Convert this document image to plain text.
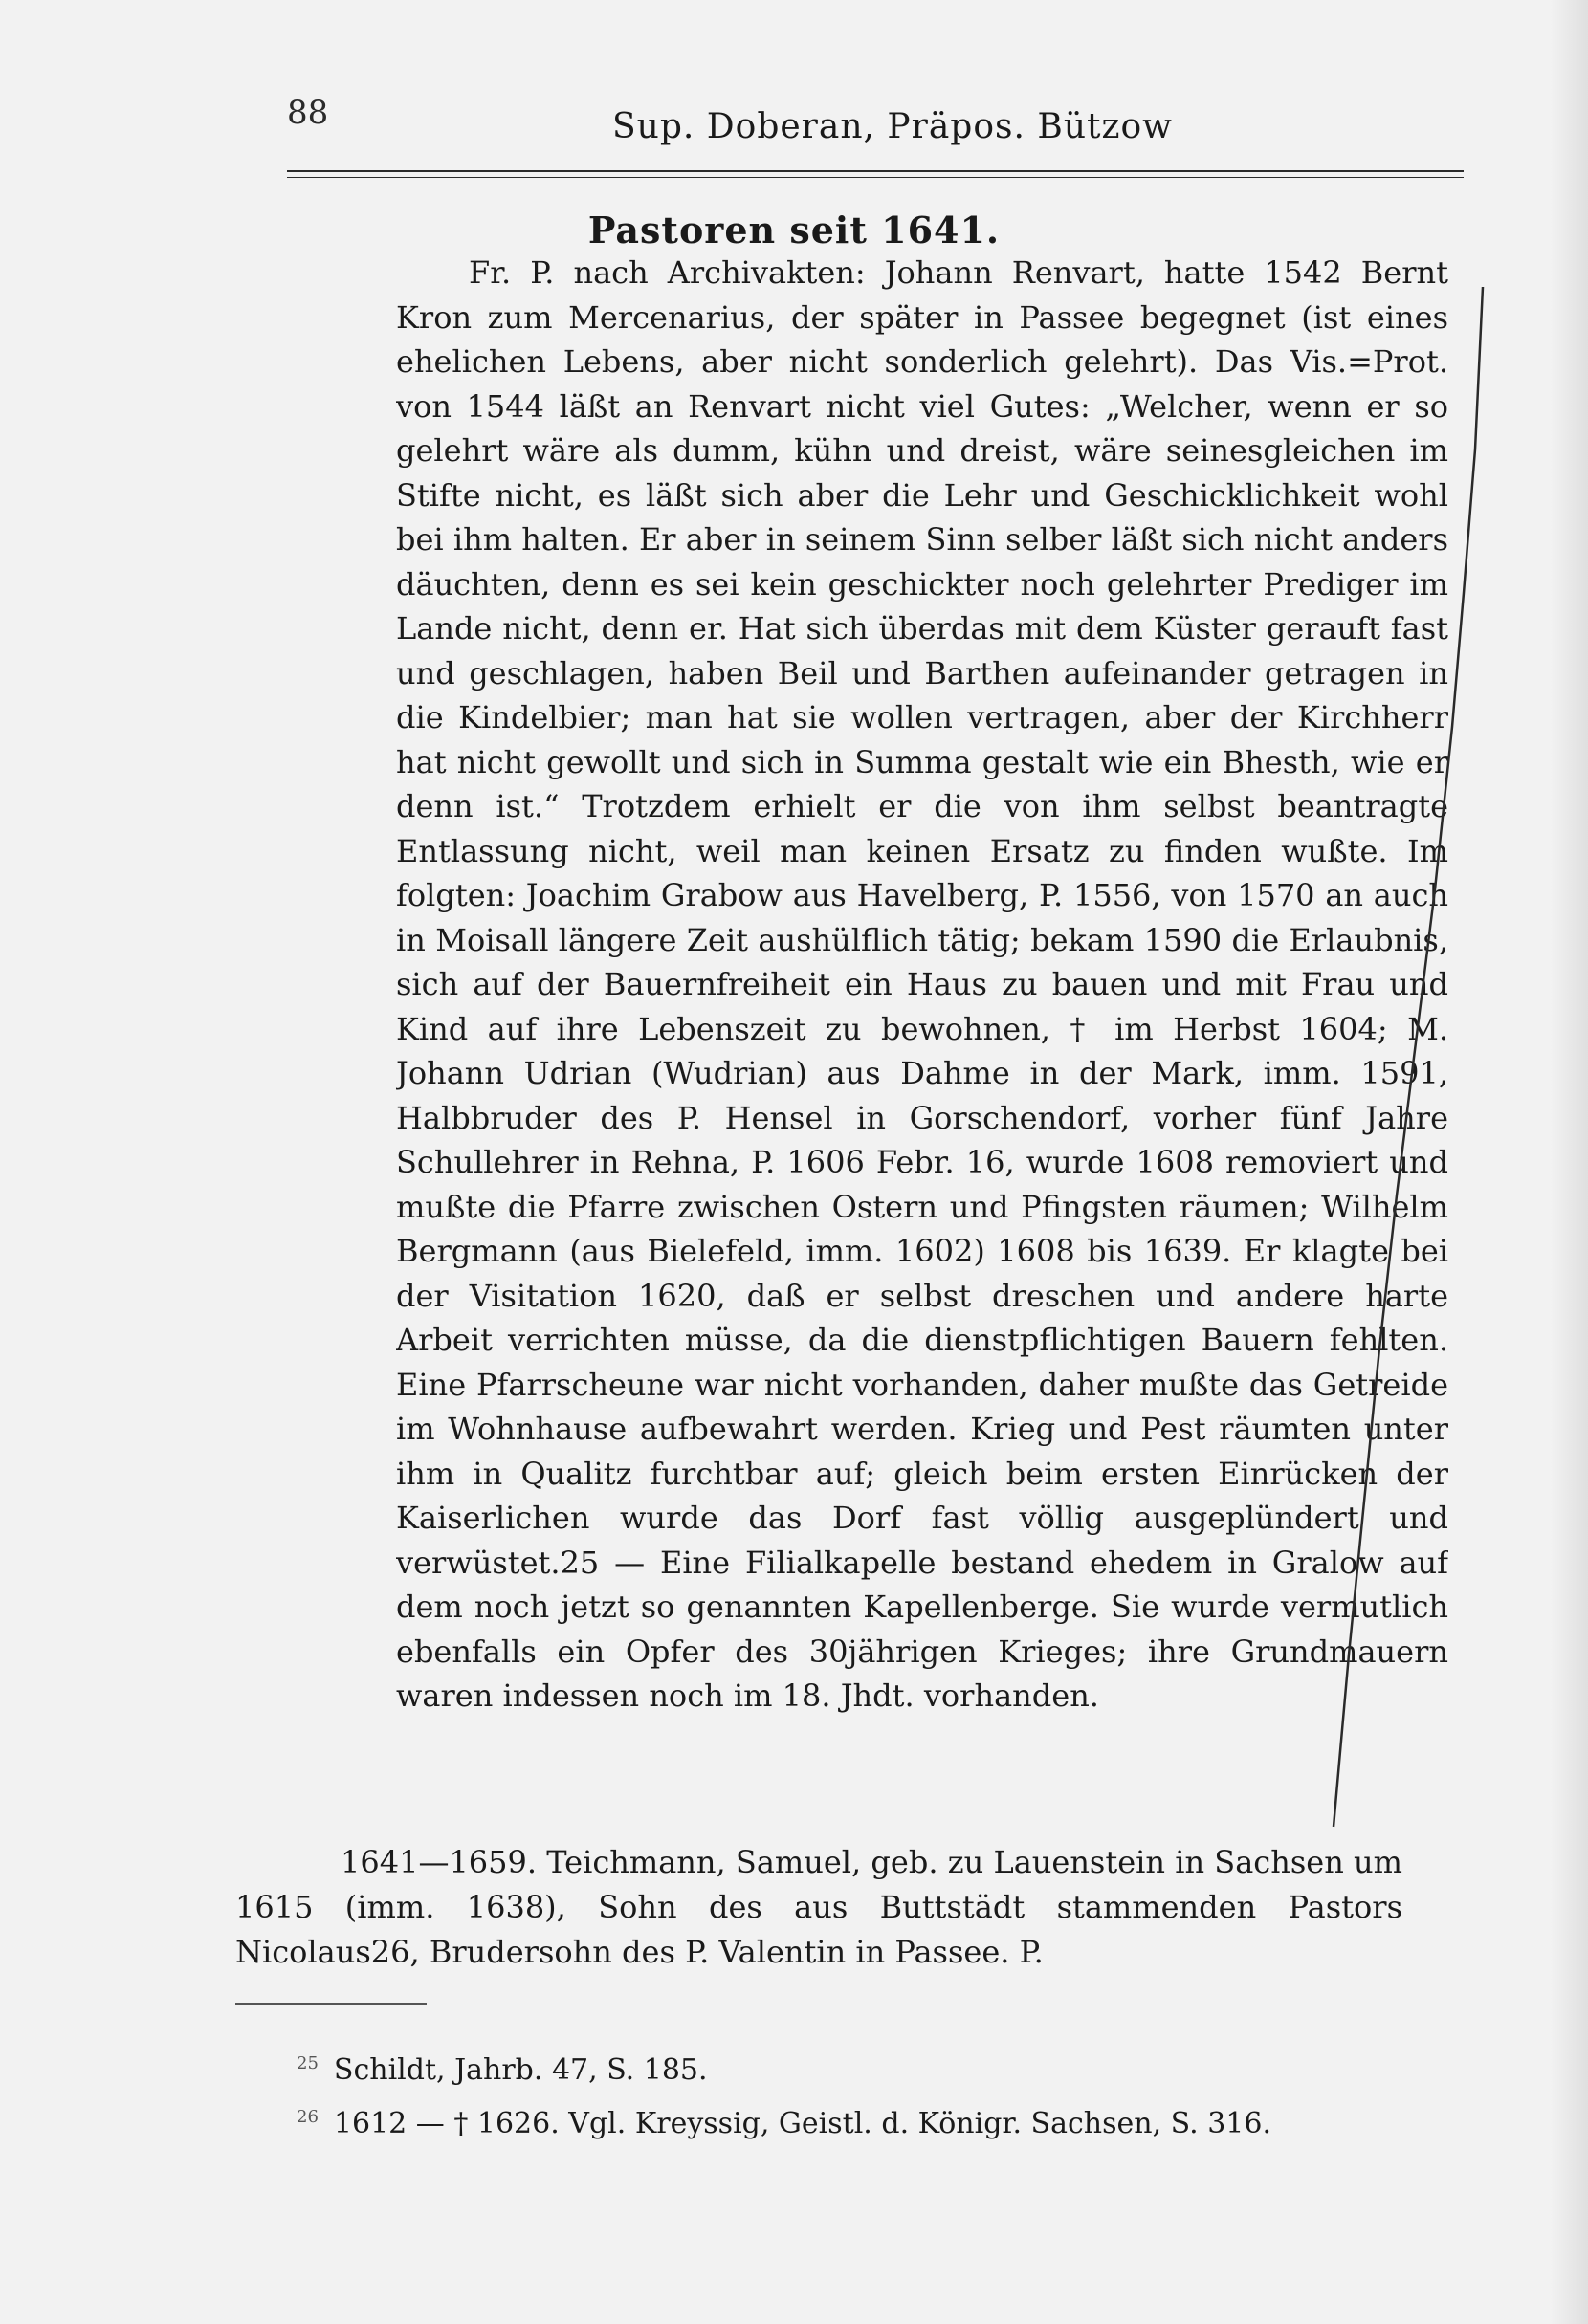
88	Sup. Doberan, Präpos. Bützow
Pastoren seit 1641.

Fr. P. nach Archivakten: Johann Renvart, hatte 1542 Bernt Kron zum Mercenarius, der später in Passee begegnet (ist eines ehelichen Lebens, aber nicht sonderlich gelehrt). Das Vis.=Prot. von 1544 läßt an Renvart nicht viel Gutes: „Welcher, wenn er so gelehrt wäre als dumm, kühn und dreist, wäre seinesgleichen im Stifte nicht, es läßt sich aber die Lehr und Geschicklichkeit wohl bei ihm halten. Er aber in seinem Sinn selber läßt sich nicht anders däuchten, denn es sei kein geschickter noch gelehrter Prediger im Lande nicht, denn er. Hat sich überdas mit dem Küster gerauft fast und geschlagen, haben Beil und Barthen aufeinander getragen in die Kindelbier; man hat sie wollen vertragen, aber der Kirchherr hat nicht gewollt und sich in Summa gestalt wie ein Bhesth, wie er denn ist.“ Trotzdem erhielt er die von ihm selbst beantragte Entlassung nicht, weil man keinen Ersatz zu finden wußte. Im folgten: Joachim Grabow aus Havelberg, P. 1556, von 1570 an auch in Moisall längere Zeit aushülflich tätig; bekam 1590 die Erlaubnis, sich auf der Bauernfreiheit ein Haus zu bauen und mit Frau und Kind auf ihre Lebenszeit zu bewohnen, † im Herbst 1604; M. Johann Udrian (Wudrian) aus Dahme in der Mark, imm. 1591, Halbbruder des P. Hensel in Gorschendorf, vorher fünf Jahre Schullehrer in Rehna, P. 1606 Febr. 16, wurde 1608 removiert und mußte die Pfarre zwischen Ostern und Pfingsten räumen; Wilhelm Bergmann (aus Bielefeld, imm. 1602) 1608 bis 1639. Er klagte bei der Visitation 1620, daß er selbst dreschen und andere harte Arbeit verrichten müsse, da die dienstpflichtigen Bauern fehlten. Eine Pfarrscheune war nicht vorhanden, daher mußte das Getreide im Wohnhause aufbewahrt werden. Krieg und Pest räumten unter ihm in Qualitz furchtbar auf; gleich beim ersten Einrücken der Kaiserlichen wurde das Dorf fast völlig ausgeplündert und verwüstet.25 — Eine Filialkapelle bestand ehedem in Gralow auf dem noch jetzt so genannten Kapellenberge. Sie wurde vermutlich ebenfalls ein Opfer des 30jährigen Krieges; ihre Grundmauern waren indessen noch im 18. Jhdt. vorhanden.

1641—1659. Teichmann, Samuel, geb. zu Lauenstein in Sachsen um 1615 (imm. 1638), Sohn des aus Buttstädt stammenden Pastors Nicolaus26, Brudersohn des P. Valentin in Passee. P.

$^{25}$ Schildt, Jahrb. 47, S. 185.
$^{26}$ 1612 — † 1626. Vgl. Kreyssig, Geistl. d. Königr. Sachsen, S. 316.
